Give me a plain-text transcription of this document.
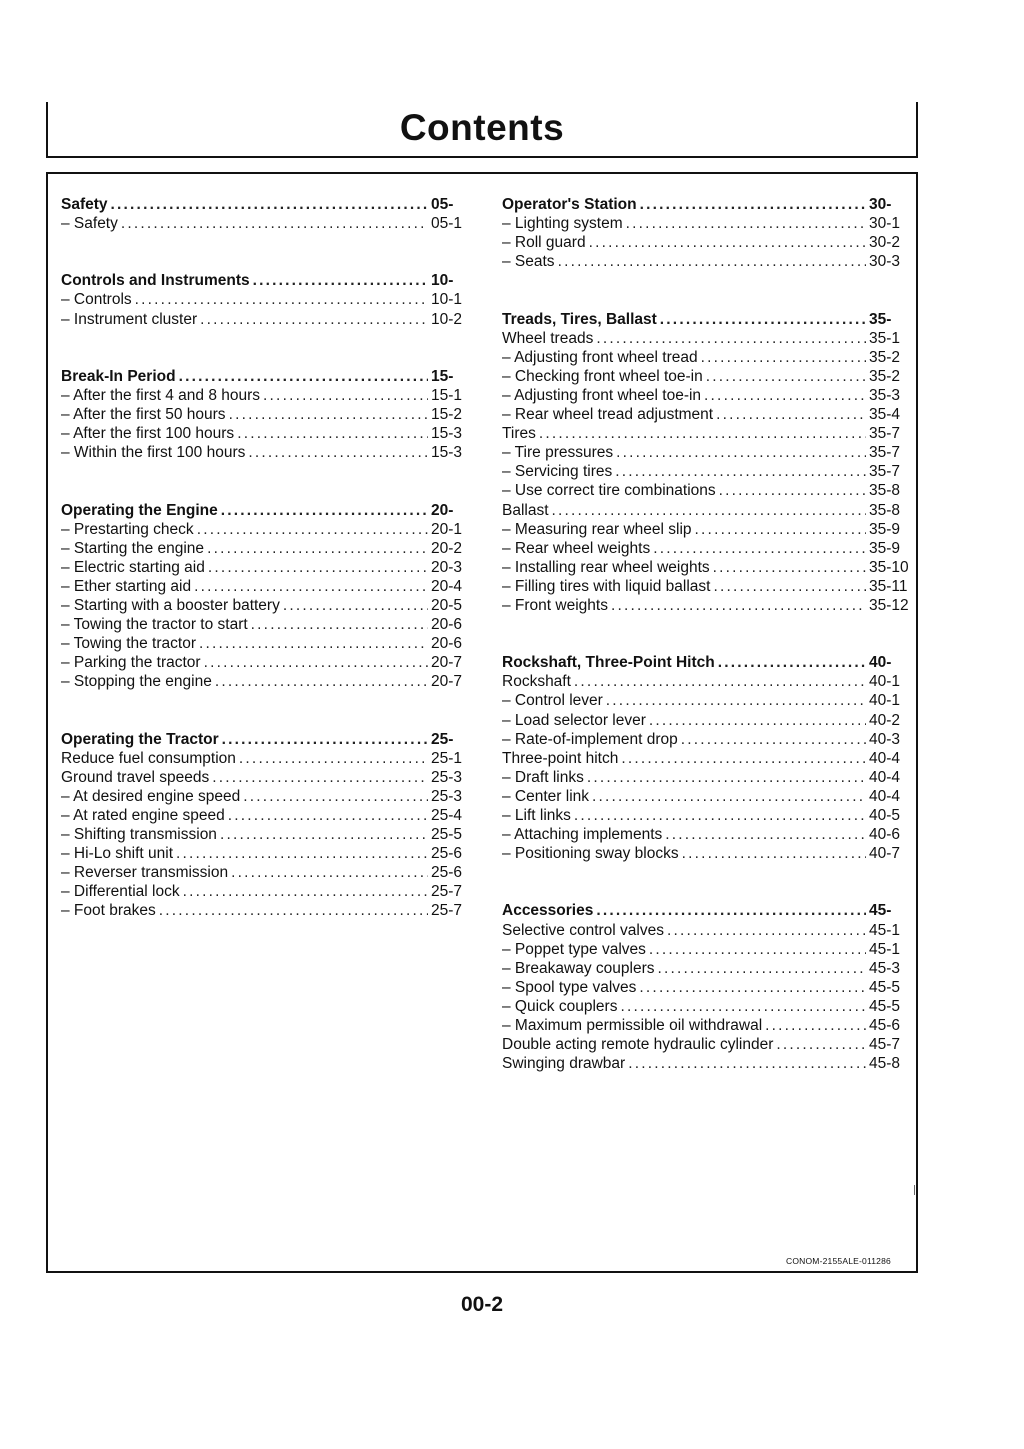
Contents
Safety .....	05-
– Safety .....	05-1
Controls and Instruments .....	10-
– Controls .....	10-1
– Instrument cluster .....	10-2
Break-In Period .....	15-
– After the first 4 and 8 hours .....	15-1
– After the first 50 hours .....	15-2
– After the first 100 hours .....	15-3
– Within the first 100 hours .....	15-3
Operating the Engine .....	20-
– Prestarting check .....	20-1
– Starting the engine .....	20-2
– Electric starting aid .....	20-3
– Ether starting aid .....	20-4
– Starting with a booster battery .....	20-5
– Towing the tractor to start .....	20-6
– Towing the tractor .....	20-6
– Parking the tractor .....	20-7
– Stopping the engine .....	20-7
Operating the Tractor .....	25-
Reduce fuel consumption .....	25-1
Ground travel speeds .....	25-3
– At desired engine speed .....	25-3
– At rated engine speed .....	25-4
– Shifting transmission .....	25-5
– Hi-Lo shift unit .....	25-6
– Reverser transmission .....	25-6
– Differential lock .....	25-7
– Foot brakes .....	25-7
Operator's Station .....	30-
– Lighting system .....	30-1
– Roll guard .....	30-2
– Seats .....	30-3
Treads, Tires, Ballast .....	35-
Wheel treads .....	35-1
– Adjusting front wheel tread .....	35-2
– Checking front wheel toe-in .....	35-2
– Adjusting front wheel toe-in .....	35-3
– Rear wheel tread adjustment .....	35-4
Tires .....	35-7
– Tire pressures .....	35-7
– Servicing tires .....	35-7
– Use correct tire combinations .....	35-8
Ballast .....	35-8
– Measuring rear wheel slip .....	35-9
– Rear wheel weights .....	35-9
– Installing rear wheel weights .....	35-10
– Filling tires with liquid ballast .....	35-11
– Front weights .....	35-12
Rockshaft, Three-Point Hitch .....	40-
Rockshaft .....	40-1
– Control lever .....	40-1
– Load selector lever .....	40-2
– Rate-of-implement drop .....	40-3
Three-point hitch .....	40-4
– Draft links .....	40-4
– Center link .....	40-4
– Lift links .....	40-5
– Attaching implements .....	40-6
– Positioning sway blocks .....	40-7
Accessories .....	45-
Selective control valves .....	45-1
– Poppet type valves .....	45-1
– Breakaway couplers .....	45-3
– Spool type valves .....	45-5
– Quick couplers .....	45-5
– Maximum permissible oil withdrawal .....	45-6
Double acting remote hydraulic cylinder .....	45-7
Swinging drawbar .....	45-8
CONOM-2155ALE-011286
00-2
